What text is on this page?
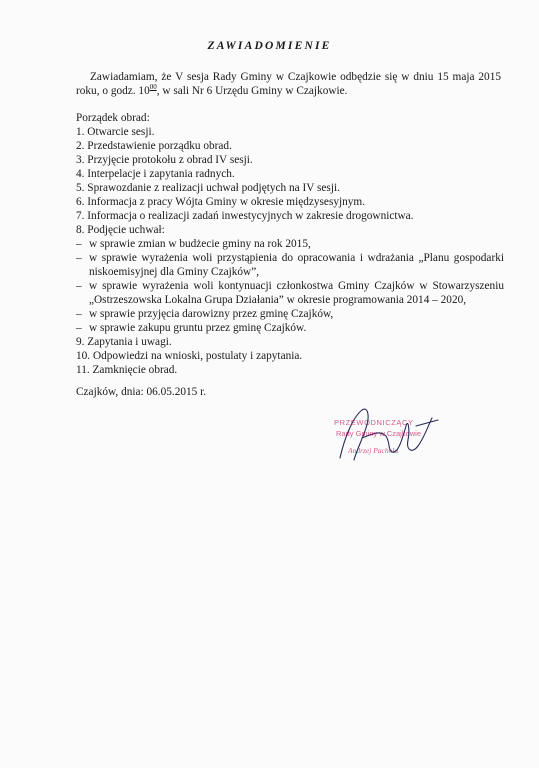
ZAWIADOMIENIE
Zawiadamiam, że V sesja Rady Gminy w Czajkowie odbędzie się w dniu 15 maja 2015 roku, o godz. $10^{00}$, w sali Nr 6 Urzędu Gminy w Czajkowie.
Porządek obrad:
1. Otwarcie sesji.
2. Przedstawienie porządku obrad.
3. Przyjęcie protokołu z obrad IV sesji.
4. Interpelacje i zapytania radnych.
5. Sprawozdanie z realizacji uchwał podjętych na IV sesji.
6. Informacja z pracy Wójta Gminy w okresie międzysesyjnym.
7. Informacja o realizacji zadań inwestycyjnych w zakresie drogownictwa.
8. Podjęcie uchwał:
– w sprawie zmian w budżecie gminy na rok 2015,
– w sprawie wyrażenia woli przystąpienia do opracowania i wdrażania „Planu gospodarki niskoemisyjnej dla Gminy Czajków”,
– w sprawie wyrażenia woli kontynuacji członkostwa Gminy Czajków w Stowarzyszeniu „Ostrzeszowska Lokalna Grupa Działania” w okresie programowania 2014 – 2020,
– w sprawie przyjęcia darowizny przez gminę Czajków,
– w sprawie zakupu gruntu przez gminę Czajków.
9. Zapytania i uwagi.
10. Odpowiedzi na wnioski, postulaty i zapytania.
11. Zamknięcie obrad.
Czajków, dnia: 06.05.2015 r.
PRZEWODNICZĄCY
Rady Gminy w Czajkowie
Andrzej Pachoła
